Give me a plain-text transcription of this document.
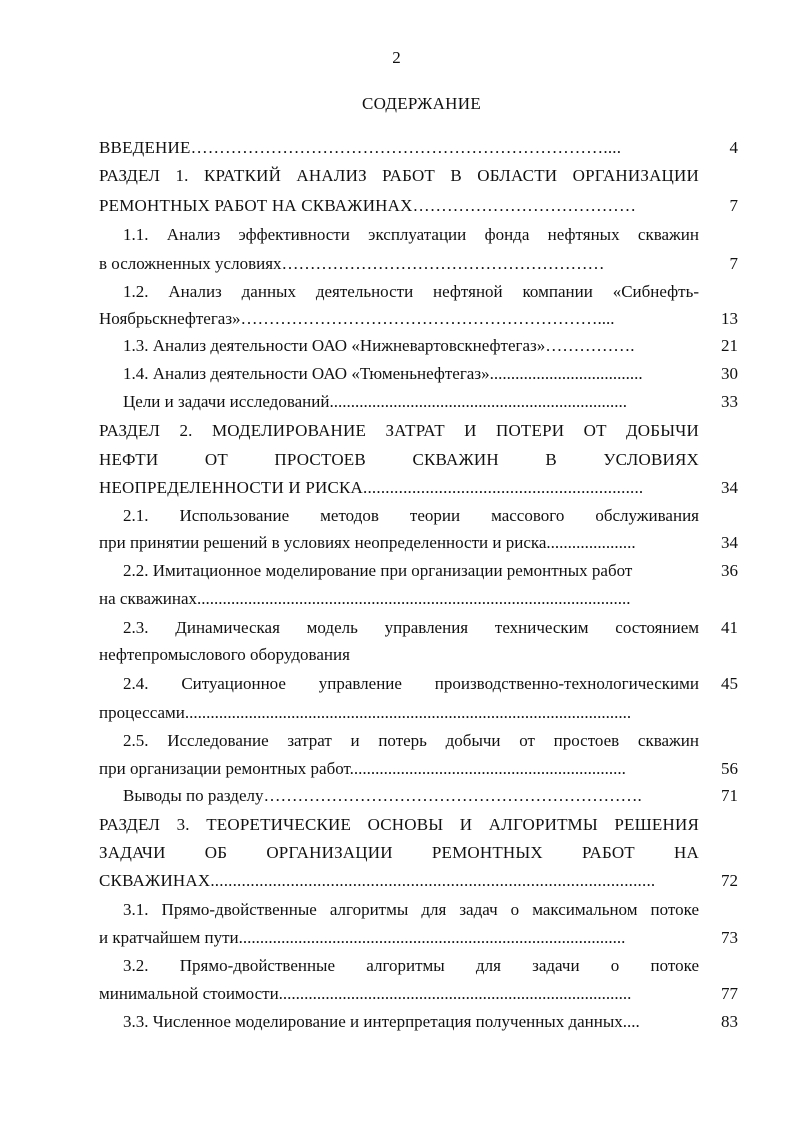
2
СОДЕРЖАНИЕ
ВВЕДЕНИЕ………………………………………………………………....	4
РАЗДЕЛ 1. КРАТКИЙ АНАЛИЗ РАБОТ В ОБЛАСТИ ОРГАНИЗАЦИИ
РЕМОНТНЫХ РАБОТ НА СКВАЖИНАХ…………………………………	7
1.1. Анализ эффективности эксплуатации фонда нефтяных скважин
в осложненных условиях…………………………………………………	7
1.2. Анализ данных деятельности нефтяной компании «Сибнефть-
Ноябрьскнефтегаз»………………………………………………………....	13
1.3. Анализ деятельности ОАО «Нижневартовскнефтегаз»…………….	21
1.4. Анализ деятельности ОАО «Тюменьнефтегаз»....................................	30
Цели и задачи исследований......................................................................	33
РАЗДЕЛ 2. МОДЕЛИРОВАНИЕ ЗАТРАТ И ПОТЕРИ ОТ ДОБЫЧИ
НЕФТИ ОТ ПРОСТОЕВ СКВАЖИН В УСЛОВИЯХ
НЕОПРЕДЕЛЕННОСТИ И РИСКА...............................................................	34
2.1. Использование методов теории массового обслуживания
при принятии решений в условиях неопределенности и риска.....................	34
2.2. Имитационное моделирование при организации ремонтных работ	36
на скважинах......................................................................................................
2.3. Динамическая модель управления техническим состоянием	41
нефтепромыслового оборудования
2.4. Ситуационное управление производственно-технологическими	45
процессами.........................................................................................................
2.5. Исследование затрат и потерь добычи от простоев скважин
при организации ремонтных работ.................................................................	56
Выводы по разделу………………………………………………………….	71
РАЗДЕЛ 3. ТЕОРЕТИЧЕСКИЕ ОСНОВЫ И АЛГОРИТМЫ РЕШЕНИЯ
ЗАДАЧИ ОБ ОРГАНИЗАЦИИ РЕМОНТНЫХ РАБОТ НА
СКВАЖИНАХ....................................................................................................	72
3.1. Прямо-двойственные алгоритмы для задач о максимальном потоке
и кратчайшем пути...........................................................................................	73
3.2. Прямо-двойственные алгоритмы для задачи о потоке
минимальной стоимости...................................................................................	77
3.3. Численное моделирование и интерпретация полученных данных....	83
